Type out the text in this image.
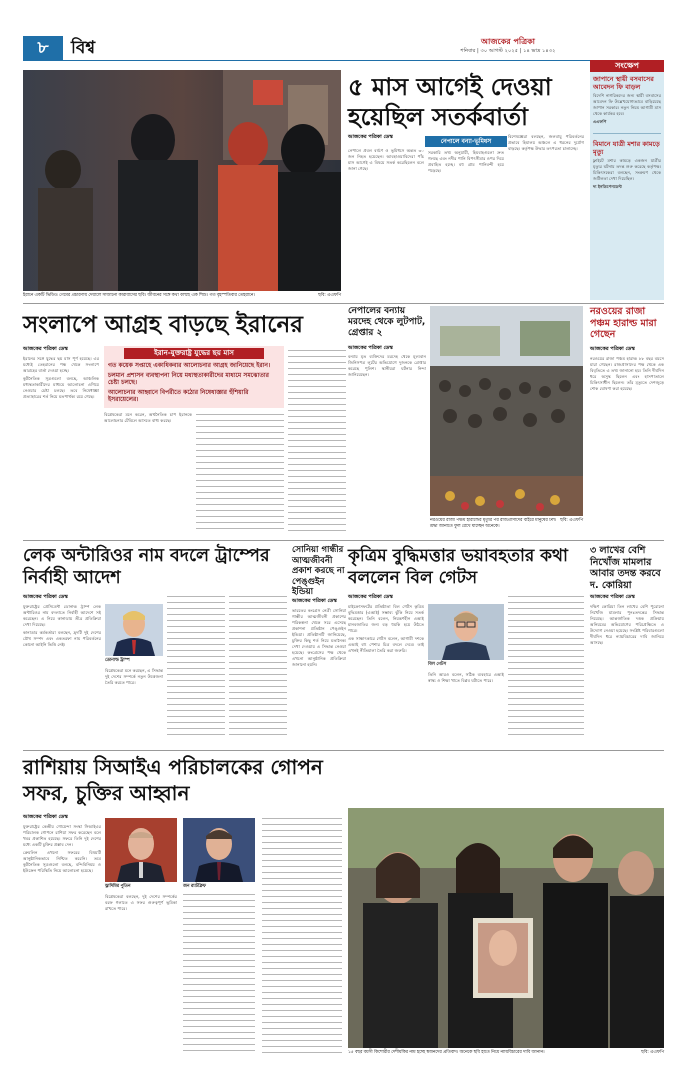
৮	বিশ্ব	আজকের পত্রিকা
শনিবার | ৩০ আগস্ট ২০২৫ | ১৪ ভাদ্র ১৪৩২
ইরানে একটি ভিডিও গেমের প্রচারণায় দেয়ালে সাজানো কারাবাসের ছবি। জীবনের সঙ্গে কথা বলছে এক শিশু। গত বৃহস্পতিবার তেহরানে।	ছবি: এএফপি
৫ মাস আগেই দেওয়া হয়েছিল সতর্কবার্তা
আজকের পত্রিকা ডেস্ক
নেপালে বন্যা-ভূমিধস

নেপালে প্রবল বর্ষণে ও ভূমিধসে অন্তত ৩০ জন নিহত হয়েছেন। আবহাওয়াবিদেরা পাঁচ মাস আগেই এ বিষয়ে সতর্ক করেছিলেন বলে জানা গেছে।

সরকারি তথ্য অনুযায়ী, হিমবাহগুলো দ্রুত গলছে এবং নদীর পানি বিপৎসীমার ওপর দিয়ে প্রবাহিত হচ্ছে। বহু গ্রাম পানিবন্দী হয়ে পড়েছে।

বিশেষজ্ঞেরা বলছেন, জলবায়ু পরিবর্তনের প্রভাবে হিমালয় অঞ্চলে এ ধরনের দুর্যোগ বাড়ছে। কর্তৃপক্ষ উদ্ধার তৎপরতা চালাচ্ছে।

সংক্ষেপ
জাপানে স্থায়ী বসবাসের আবেদন ফি বাড়ল
বিদেশি নাগরিকদের জন্য স্থায়ী বসবাসের আবেদন ফি উল্লেখযোগ্যভাবে বাড়িয়েছে জাপান সরকার। নতুন নিয়ম আগামী মাস থেকে কার্যকর হবে।
এএফপি
বিমানে যাত্রী মশার কামড়ে মৃত্যু
ফ্লাইটে মশার কামড়ে একজন যাত্রীর মৃত্যুর ঘটনায় তদন্ত শুরু করেছে কর্তৃপক্ষ। চিকিৎসকেরা বলছেন, সংক্রমণ থেকে জটিলতা দেখা দিয়েছিল।
দ্য ইনডিপেনডেন্ট
সংলাপে আগ্রহ বাড়ছে ইরানের
আজকের পত্রিকা ডেস্ক

ইরানের সঙ্গে যুদ্ধের ছয় মাস পূর্ণ হয়েছে। এর মধ্যেই তেহরানের পক্ষ থেকে সংলাপে আগ্রহের বার্তা দেওয়া হচ্ছে।

কূটনৈতিক সূত্রগুলো বলছে, আঞ্চলিক মধ্যস্থতাকারীদের মাধ্যমে আলোচনা এগিয়ে নেওয়ার চেষ্টা চলছে। তবে নিষেধাজ্ঞা প্রত্যাহারের শর্ত নিয়ে মতপার্থক্য রয়ে গেছে।

ইরান-যুক্তরাষ্ট্র যুদ্ধের ছয় মাস
গত কয়েক সপ্তাহে একাধিকবার আলোচনার আগ্রহ জানিয়েছে ইরান।
চলমান প্রশাসন ব্যবস্থাপনা নিয়ে মধ্যস্থতাকারীদের মাধ্যমে সমঝোতার চেষ্টা চলছে।
আলোচনার আহ্বানে বিপরীতে কঠোর নিষেধাজ্ঞার হুঁশিয়ারি ইসরায়েলের।

বিশ্লেষকেরা মনে করেন, অর্থনৈতিক চাপ ইরানকে আলোচনার টেবিলে আসতে বাধ্য করছে।

নেপালের বন্যায় মরদেহ থেকে লুটপাট, গ্রেপ্তার ২
আজকের পত্রিকা ডেস্ক
বন্যায় মৃত ব্যক্তিদের মরদেহ থেকে মূল্যবান জিনিসপত্র লুটের অভিযোগে দুজনকে গ্রেপ্তার করেছে পুলিশ। স্থানীয়রা ঘটনার নিন্দা জানিয়েছেন।
নরওয়ের রাজা পঞ্চম হারাল্ডের মৃত্যুর পর রাজপ্রাসাদের বাইরে মানুষের ঢল। শ্রদ্ধা জানাতে ফুল রেখে যাচ্ছেন অনেকে।
ছবি: এএফপি
নরওয়ের রাজা পঞ্চম হারাল্ড মারা গেছেন
আজকের পত্রিকা ডেস্ক
নরওয়ের রাজা পঞ্চম হারাল্ড ৮৮ বছর বয়সে মারা গেছেন। রাজপ্রাসাদের পক্ষ থেকে এক বিবৃতিতে এ তথ্য জানানো হয়। তিনি দীর্ঘদিন ধরে অসুস্থ ছিলেন এবং হাসপাতালে চিকিৎসাধীন ছিলেন। তাঁর মৃত্যুতে দেশজুড়ে শোক ঘোষণা করা হয়েছে।
লেক অন্টারিওর নাম বদলে ট্রাম্পের নির্বাহী আদেশ
আজকের পত্রিকা ডেস্ক

যুক্তরাষ্ট্রের প্রেসিডেন্ট ডোনাল্ড ট্রাম্প লেক অন্টারিওর নাম বদলাতে নির্বাহী আদেশে সই করেছেন। এ নিয়ে কানাডায় তীব্র প্রতিক্রিয়া দেখা দিয়েছে।

কানাডার কর্মকর্তারা বলছেন, হ্রদটি দুই দেশের যৌথ সম্পদ এবং একতরফা নাম পরিবর্তনের কোনো আইনি ভিত্তি নেই।

ডোনাল্ড ট্রাম্প

বিশ্লেষকেরা মনে করছেন, এ সিদ্ধান্ত দুই দেশের সম্পর্কে নতুন উত্তেজনা তৈরি করতে পারে।

সোনিয়া গান্ধীর আত্মজীবনী প্রকাশ করছে না পেঙ্গুইন ইন্ডিয়া
আজকের পত্রিকা ডেস্ক
ভারতের কংগ্রেস নেত্রী সোনিয়া গান্ধীর আত্মজীবনী প্রকাশের পরিকল্পনা থেকে সরে এসেছে প্রকাশনা প্রতিষ্ঠান পেঙ্গুইন ইন্ডিয়া। প্রতিষ্ঠানটি জানিয়েছে, চুক্তির কিছু শর্ত নিয়ে মতানৈক্য দেখা দেওয়ায় এ সিদ্ধান্ত নেওয়া হয়েছে। কংগ্রেসের পক্ষ থেকে এখনো আনুষ্ঠানিক প্রতিক্রিয়া জানানো হয়নি।
কৃত্রিম বুদ্ধিমত্তার ভয়াবহতার কথা বললেন বিল গেটস
আজকের পত্রিকা ডেস্ক

মাইক্রোসফটের প্রতিষ্ঠাতা বিল গেটস কৃত্রিম বুদ্ধিমত্তার (এআই) সম্ভাব্য ঝুঁকি নিয়ে সতর্ক করেছেন। তিনি বলেন, নিয়ন্ত্রণহীন এআই মানবজাতির জন্য বড় হুমকি হয়ে উঠতে পারে।

এক সাক্ষাৎকারে গেটস বলেন, আগামী দশকে এআই বহু পেশার চিত্র বদলে দেবে। তাই এখনই নীতিমালা তৈরি করা জরুরি।

বিল গেটস

তিনি আরও বলেন, সঠিক ব্যবহারে এআই স্বাস্থ্য ও শিক্ষা খাতে বিপ্লব ঘটাতে পারে।

৩ লাখের বেশি নিখোঁজ মামলার আবার তদন্ত করবে দ. কোরিয়া
আজকের পত্রিকা ডেস্ক
দক্ষিণ কোরিয়া তিন লাখের বেশি পুরোনো নিখোঁজ মামলার পুনঃতদন্তের সিদ্ধান্ত নিয়েছে। আন্তর্জাতিক দত্তক প্রক্রিয়ায় অনিয়মের অভিযোগের পরিপ্রেক্ষিতে এ উদ্যোগ নেওয়া হয়েছে। সংশ্লিষ্ট পরিবারগুলো দীর্ঘদিন ধরে ন্যায়বিচারের দাবি জানিয়ে আসছে।
রাশিয়ায় সিআইএ পরিচালকের গোপন সফর, চুক্তির আহ্বান
আজকের পত্রিকা ডেস্ক

যুক্তরাষ্ট্রের কেন্দ্রীয় গোয়েন্দা সংস্থা সিআইএর পরিচালক গোপনে রাশিয়া সফর করেছেন বলে খবর প্রকাশিত হয়েছে। সফরে তিনি দুই দেশের মধ্যে একটি চুক্তির প্রস্তাব দেন।

ক্রেমলিন এখনো সফরের বিষয়টি আনুষ্ঠানিকভাবে নিশ্চিত করেনি। তবে কূটনৈতিক সূত্রগুলো বলছে, বন্দিবিনিময় ও ইউক্রেন পরিস্থিতি নিয়ে আলোচনা হয়েছে।

ভ্লাদিমির পুতিন	জন র‍্যাটক্লিফ

বিশ্লেষকেরা বলছেন, দুই দেশের সম্পর্কের বরফ গলাতে এ সফর গুরুত্বপূর্ণ ভূমিকা রাখতে পারে।

১৫ বছর বয়সী কিশোরীর দেশীয়কির নাম হচ্ছে স্বজনদের প্রতিবাদ। অনেকে ছবি হাতে নিয়ে ন্যায়বিচারের দাবি জানান।	ছবি: এএফপি
